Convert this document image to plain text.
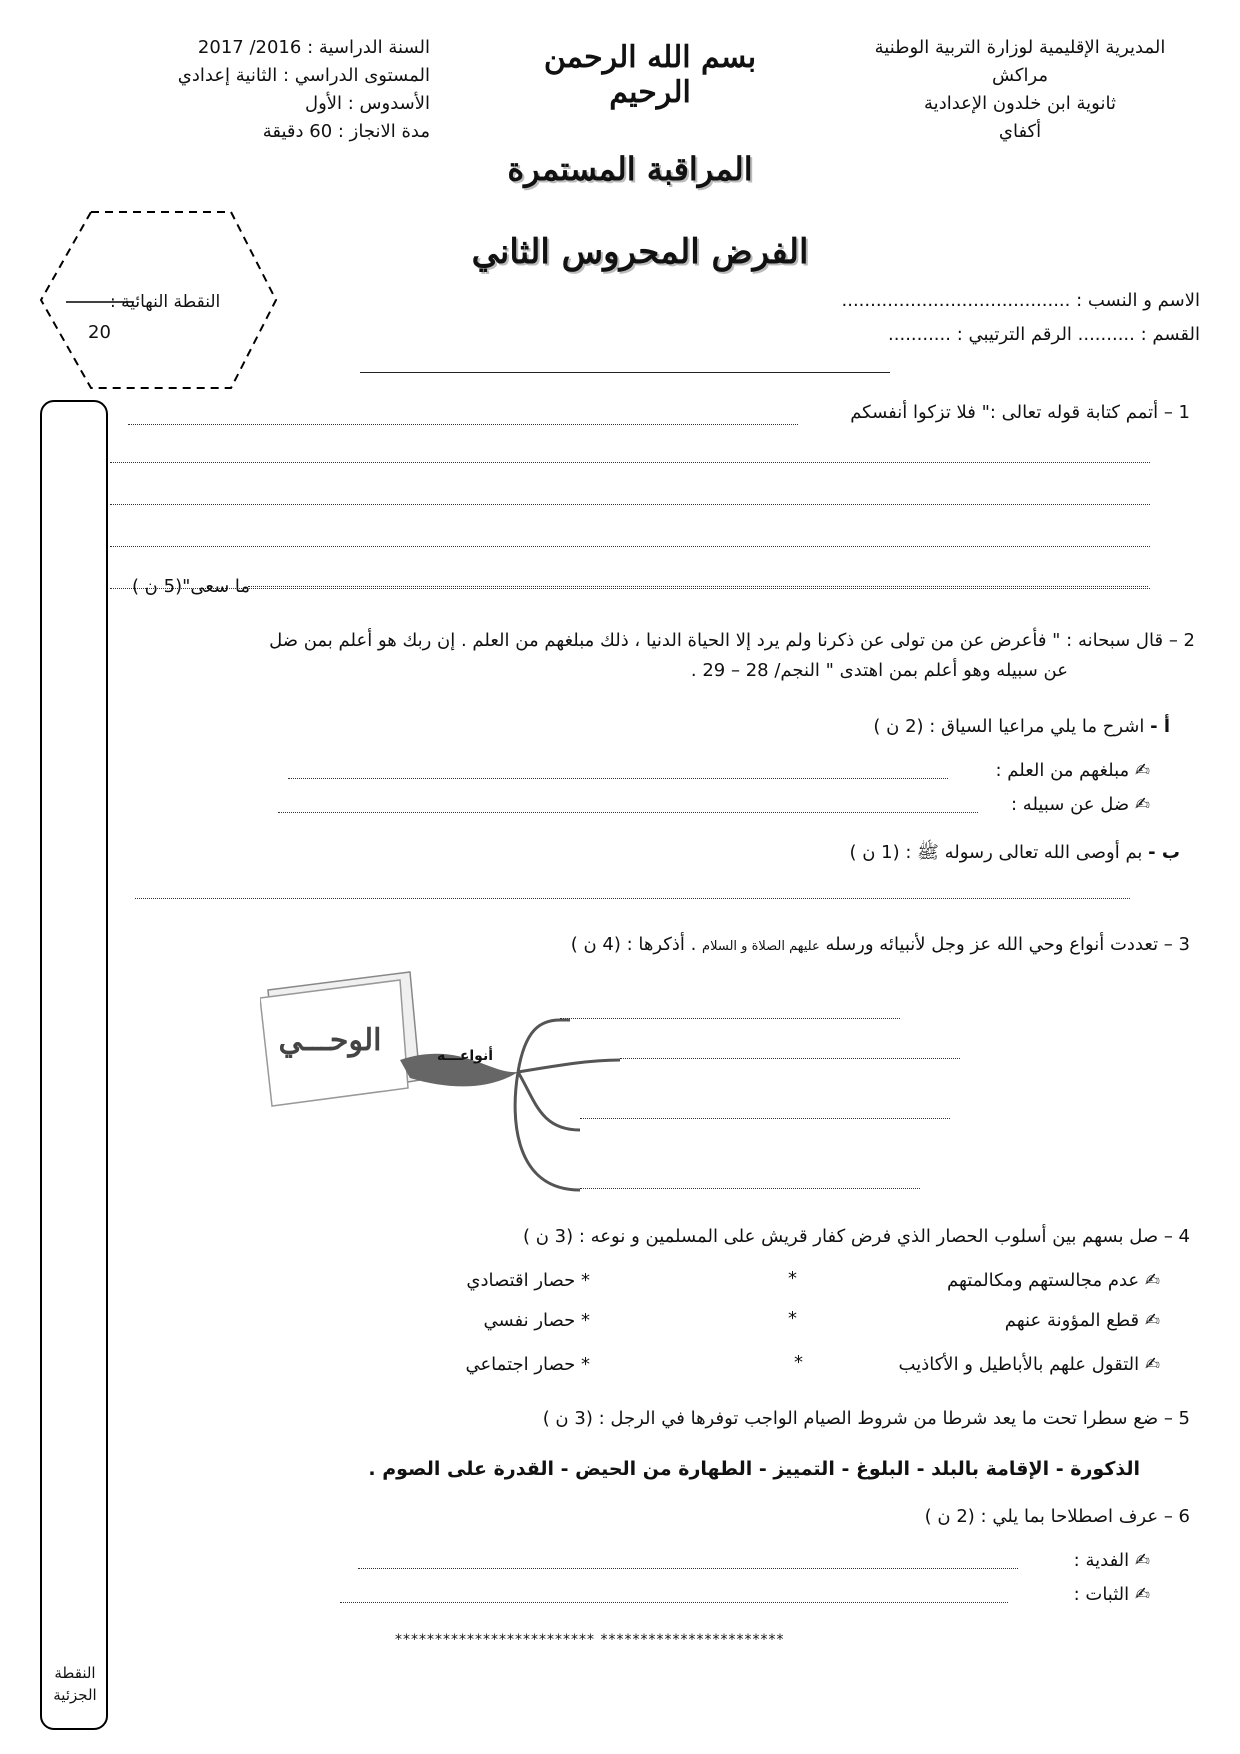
المديرية الإقليمية لوزارة التربية الوطنية
مراكش
ثانوية ابن خلدون الإعدادية
أكفاي
السنة الدراسية : 2016/ 2017
المستوى الدراسي : الثانية إعدادي
الأسدوس : الأول
مدة الانجاز : 60 دقيقة
بسم الله الرحمن الرحيم
المراقبة المستمرة
الفرض المحروس الثاني
النقطة النهائية :
20
الاسم و النسب : ........................................
القسم : .......... الرقم الترتيبي : ...........
النقطة
الجزئية
1 – أتمم كتابة قوله تعالى :" فلا تزكوا أنفسكم
ما سعى"(5 ن )
2 – قال سبحانه : " فأعرض عن من تولى عن ذكرنا ولم يرد إلا الحياة الدنيا ، ذلك مبلغهم من العلم . إن ربك هو أعلم بمن ضل
عن سبيله وهو أعلم بمن اهتدى " النجم/ 28 – 29 .
أ - اشرح ما يلي مراعيا السياق : (2 ن )
✍ مبلغهم من العلم :
✍ ضل عن سبيله :
ب - بم أوصى الله تعالى رسوله ﷺ : (1 ن )
3 – تعددت أنواع وحي الله عز وجل لأنبيائه ورسله عليهم الصلاة و السلام . أذكرها : (4 ن )
الوحـــي	أنواعـــه
4 – صل بسهم بين أسلوب الحصار الذي فرض كفار قريش على المسلمين و نوعه : (3 ن )
✍ عدم مجالستهم ومكالمتهم
✍ قطع المؤونة عنهم
✍ التقول علهم بالأباطيل و الأكاذيب
*
*
*
* حصار اقتصادي
* حصار نفسي
* حصار اجتماعي
5 – ضع سطرا تحت ما يعد شرطا من شروط الصيام الواجب توفرها في الرجل : (3 ن )
الذكورة - الإقامة بالبلد - البلوغ - التمييز - الطهارة من الحيض - القدرة على الصوم .
6 – عرف اصطلاحا بما يلي : (2 ن )
✍ الفدية :
✍ الثبات :
************************* ***********************
